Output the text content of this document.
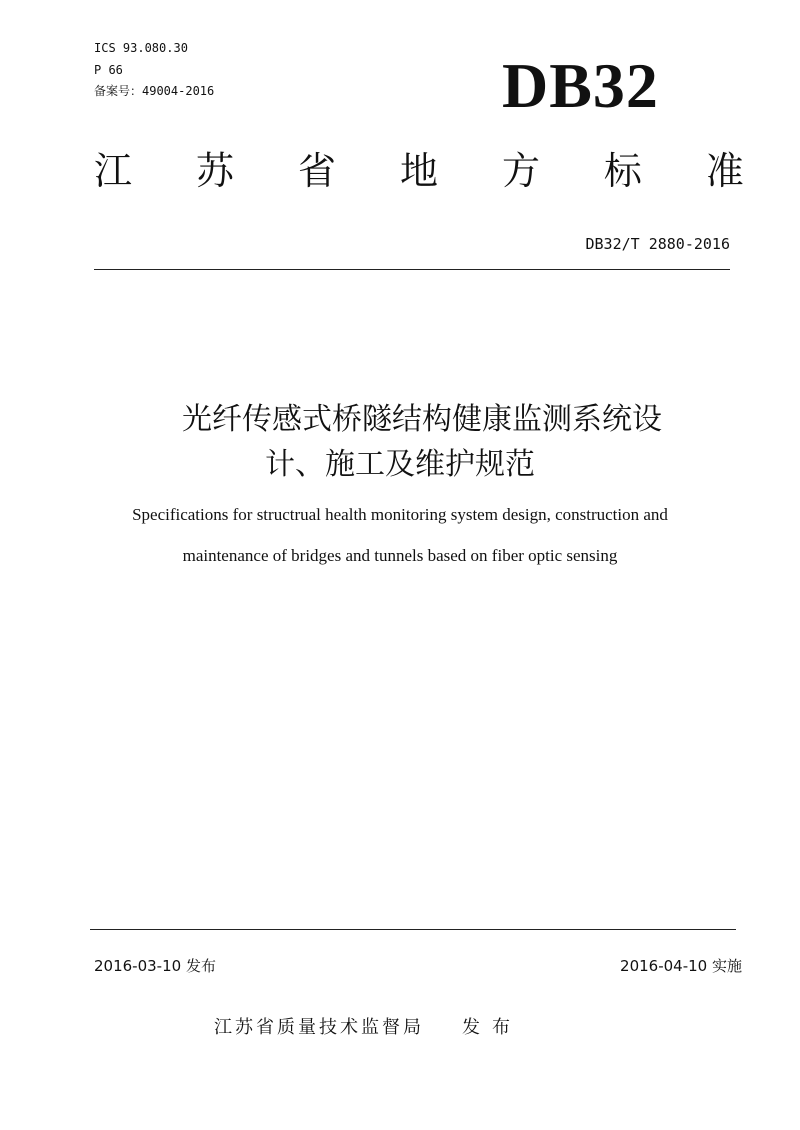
ICS 93.080.30
P 66
备案号：49004-2016	DB32
江 苏 省 地 方 标 准
DB32/T 2880-2016
光纤传感式桥隧结构健康监测系统设
计、施工及维护规范
Specifications for structrual health monitoring system design, construction and
maintenance of bridges and tunnels based on fiber optic sensing
2016-03-10 发布	2016-04-10 实施
江苏省质量技术监督局 发布
